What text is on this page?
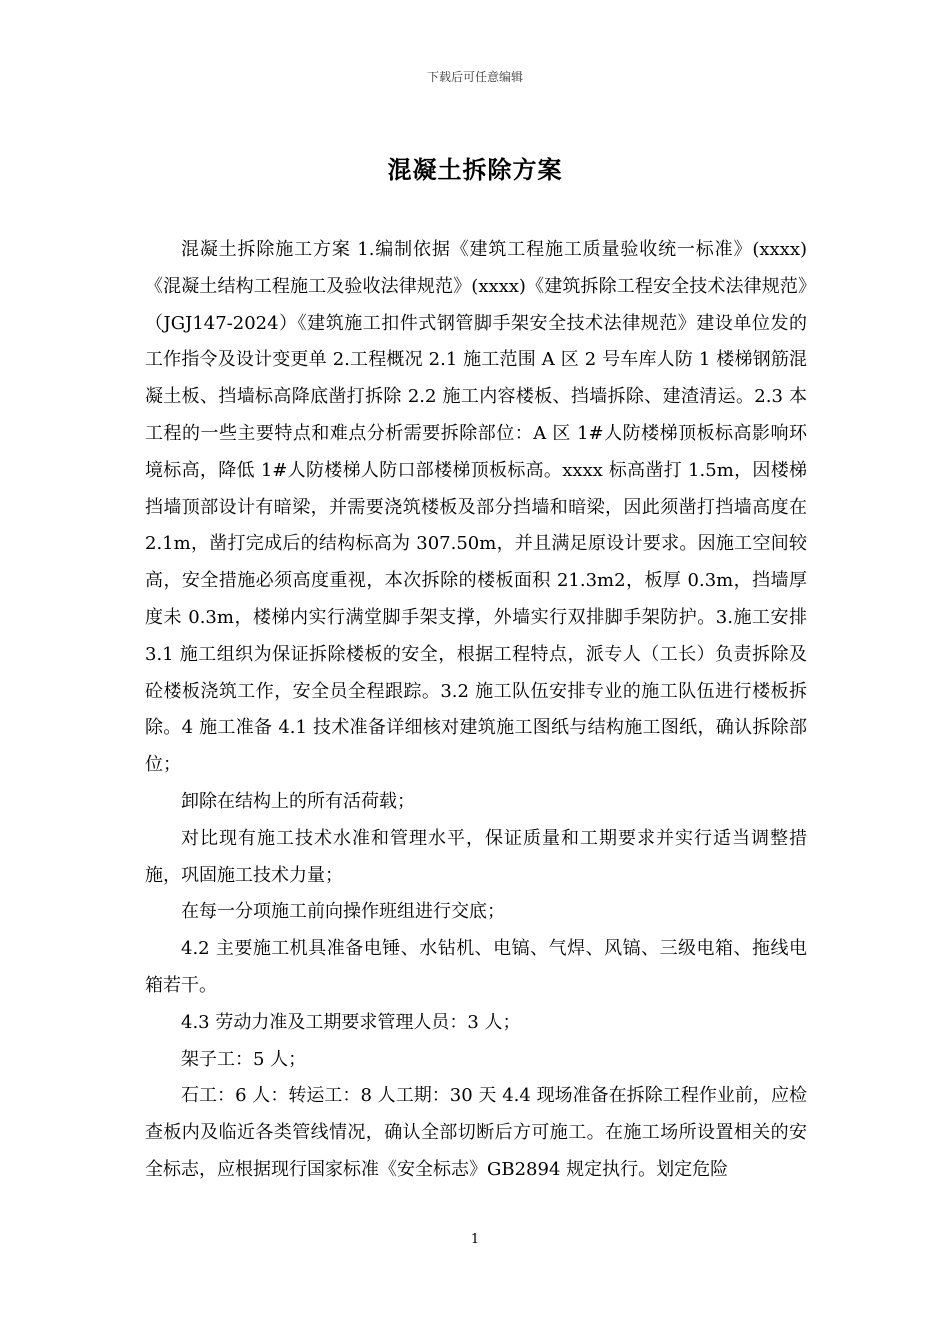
下载后可任意编辑
混凝土拆除方案

混凝土拆除施工方案 1.编制依据《建筑工程施工质量验收统一标准》(xxxx)《混凝土结构工程施工及验收法律规范》(xxxx)《建筑拆除工程安全技术法律规范》（JGJ147-2024）《建筑施工扣件式钢管脚手架安全技术法律规范》建设单位发的工作指令及设计变更单 2.工程概况 2.1 施工范围 A 区 2 号车库人防 1 楼梯钢筋混凝土板、挡墙标高降底凿打拆除 2.2 施工内容楼板、挡墙拆除、建渣清运。2.3 本工程的一些主要特点和难点分析需要拆除部位：A 区 1#人防楼梯顶板标高影响环境标高，降低 1#人防楼梯人防口部楼梯顶板标高。xxxx 标高凿打 1.5m，因楼梯挡墙顶部设计有暗梁，并需要浇筑楼板及部分挡墙和暗梁，因此须凿打挡墙高度在 2.1m，凿打完成后的结构标高为 307.50m，并且满足原设计要求。因施工空间较高，安全措施必须高度重视，本次拆除的楼板面积 21.3m2，板厚 0.3m，挡墙厚度未 0.3m，楼梯内实行满堂脚手架支撑，外墙实行双排脚手架防护。3.施工安排 3.1 施工组织为保证拆除楼板的安全，根据工程特点，派专人（工长）负责拆除及砼楼板浇筑工作，安全员全程跟踪。3.2 施工队伍安排专业的施工队伍进行楼板拆除。4 施工准备 4.1 技术准备详细核对建筑施工图纸与结构施工图纸，确认拆除部位；

卸除在结构上的所有活荷载；

对比现有施工技术水准和管理水平，保证质量和工期要求并实行适当调整措施，巩固施工技术力量；

在每一分项施工前向操作班组进行交底；

4.2 主要施工机具准备电锤、水钻机、电镐、气焊、风镐、三级电箱、拖线电箱若干。

4.3 劳动力准及工期要求管理人员：3 人；

架子工：5 人；

石工：6 人：转运工：8 人工期：30 天 4.4 现场准备在拆除工程作业前，应检查板内及临近各类管线情况，确认全部切断后方可施工。在施工场所设置相关的安全标志，应根据现行国家标准《安全标志》GB2894 规定执行。划定危险

1
